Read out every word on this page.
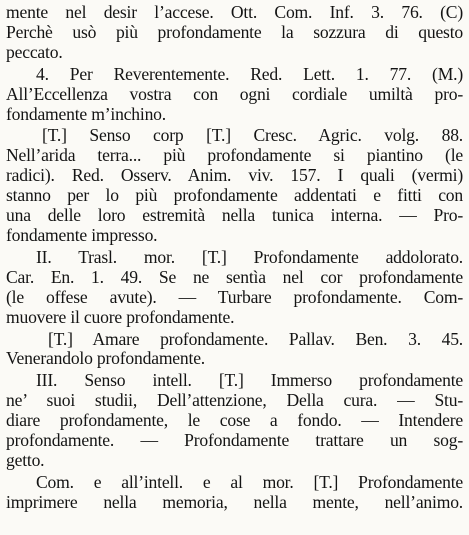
mente nel desir l’accese. Ott. Com. Inf. 3. 76. (C)
Perchè usò più profondamente la sozzura di questo
peccato.
4. Per Reverentemente. Red. Lett. 1. 77. (M.)
All’Eccellenza vostra con ogni cordiale umiltà pro-
fondamente m’inchino.
[T.] Senso corp [T.] Cresc. Agric. volg. 88.
Nell’arida terra... più profondamente si piantino (le
radici). Red. Osserv. Anim. viv. 157. I quali (vermi)
stanno per lo più profondamente addentati e fitti con
una delle loro estremità nella tunica interna. — Pro-
fondamente impresso.
II. Trasl. mor. [T.] Profondamente addolorato.
Car. En. 1. 49. Se ne sentìa nel cor profondamente
(le offese avute). — Turbare profondamente. Com-
muovere il cuore profondamente.
[T.] Amare profondamente. Pallav. Ben. 3. 45.
Venerandolo profondamente.
III. Senso intell. [T.] Immerso profondamente
ne’ suoi studii, Dell’attenzione, Della cura. — Stu-
diare profondamente, le cose a fondo. — Intendere
profondamente. — Profondamente trattare un sog-
getto.
Com. e all’intell. e al mor. [T.] Profondamente
imprimere nella memoria, nella mente, nell’animo.
